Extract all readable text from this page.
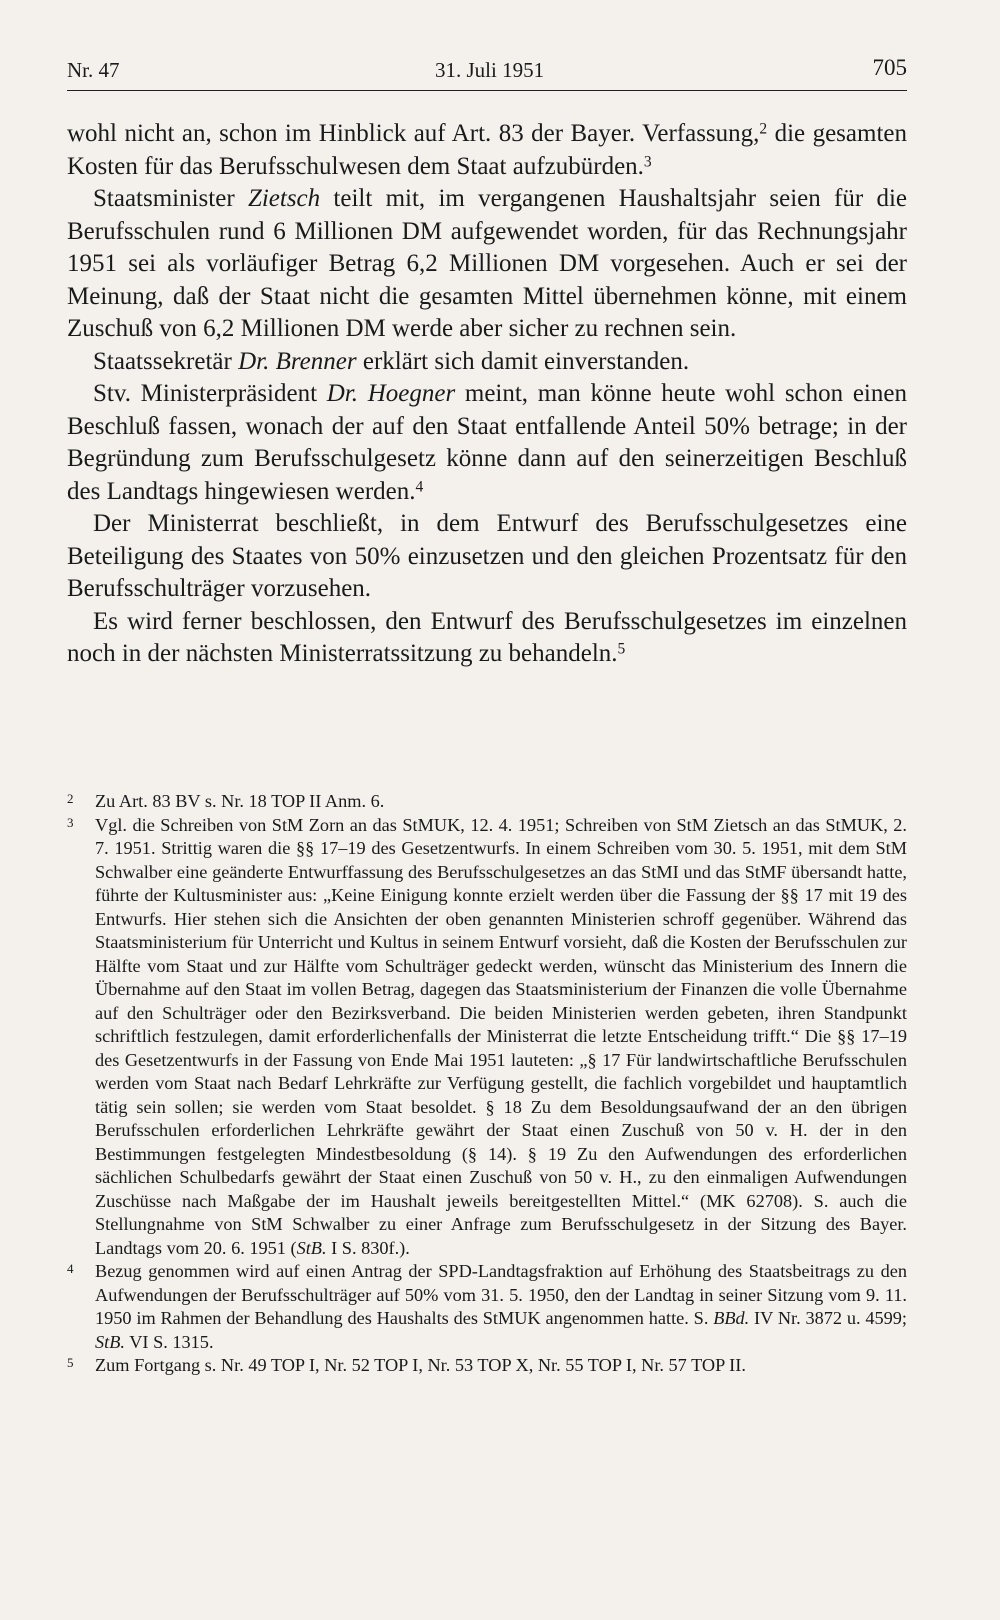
Nr. 47	31. Juli 1951	705

wohl nicht an, schon im Hinblick auf Art. 83 der Bayer. Verfassung,$^2$ die gesamten Kosten für das Berufsschulwesen dem Staat aufzubürden.$^3$

Staatsminister Zietsch teilt mit, im vergangenen Haushaltsjahr seien für die Berufsschulen rund 6 Millionen DM aufgewendet worden, für das Rechnungsjahr 1951 sei als vorläufiger Betrag 6,2 Millionen DM vorgesehen. Auch er sei der Meinung, daß der Staat nicht die gesamten Mittel übernehmen könne, mit einem Zuschuß von 6,2 Millionen DM werde aber sicher zu rechnen sein.

Staatssekretär Dr. Brenner erklärt sich damit einverstanden.

Stv. Ministerpräsident Dr. Hoegner meint, man könne heute wohl schon einen Beschluß fassen, wonach der auf den Staat entfallende Anteil 50% betrage; in der Begründung zum Berufsschulgesetz könne dann auf den seinerzeitigen Beschluß des Landtags hingewiesen werden.$^4$

Der Ministerrat beschließt, in dem Entwurf des Berufsschulgesetzes eine Beteiligung des Staates von 50% einzusetzen und den gleichen Prozentsatz für den Berufsschulträger vorzusehen.

Es wird ferner beschlossen, den Entwurf des Berufsschulgesetzes im einzelnen noch in der nächsten Ministerratssitzung zu behandeln.$^5$

2 Zu Art. 83 BV s. Nr. 18 TOP II Anm. 6.

3 Vgl. die Schreiben von StM Zorn an das StMUK, 12. 4. 1951; Schreiben von StM Zietsch an das StMUK, 2. 7. 1951. Strittig waren die §§ 17–19 des Gesetzentwurfs. In einem Schreiben vom 30. 5. 1951, mit dem StM Schwalber eine geänderte Entwurffassung des Berufsschulgesetzes an das StMI und das StMF übersandt hatte, führte der Kultusminister aus: „Keine Einigung konnte erzielt werden über die Fassung der §§ 17 mit 19 des Entwurfs. Hier stehen sich die Ansichten der oben genannten Ministerien schroff gegenüber. Während das Staatsministerium für Unterricht und Kultus in seinem Entwurf vorsieht, daß die Kosten der Berufsschulen zur Hälfte vom Staat und zur Hälfte vom Schulträger gedeckt werden, wünscht das Ministerium des Innern die Übernahme auf den Staat im vollen Betrag, dagegen das Staatsministerium der Finanzen die volle Übernahme auf den Schulträger oder den Bezirksverband. Die beiden Ministerien werden gebeten, ihren Standpunkt schriftlich festzulegen, damit erforderlichenfalls der Ministerrat die letzte Entscheidung trifft.“ Die §§ 17–19 des Gesetzentwurfs in der Fassung von Ende Mai 1951 lauteten: „§ 17 Für landwirtschaftliche Berufsschulen werden vom Staat nach Bedarf Lehrkräfte zur Verfügung gestellt, die fachlich vorgebildet und hauptamtlich tätig sein sollen; sie werden vom Staat besoldet. § 18 Zu dem Besoldungsaufwand der an den übrigen Berufsschulen erforderlichen Lehrkräfte gewährt der Staat einen Zuschuß von 50 v. H. der in den Bestimmungen festgelegten Mindestbesoldung (§ 14). § 19 Zu den Aufwendungen des erforderlichen sächlichen Schulbedarfs gewährt der Staat einen Zuschuß von 50 v. H., zu den einmaligen Aufwendungen Zuschüsse nach Maßgabe der im Haushalt jeweils bereitgestellten Mittel.“ (MK 62708). S. auch die Stellungnahme von StM Schwalber zu einer Anfrage zum Berufsschulgesetz in der Sitzung des Bayer. Landtags vom 20. 6. 1951 (StB. I S. 830f.).

4 Bezug genommen wird auf einen Antrag der SPD-Landtagsfraktion auf Erhöhung des Staatsbeitrags zu den Aufwendungen der Berufsschulträger auf 50% vom 31. 5. 1950, den der Landtag in seiner Sitzung vom 9. 11. 1950 im Rahmen der Behandlung des Haushalts des StMUK angenommen hatte. S. BBd. IV Nr. 3872 u. 4599; StB. VI S. 1315.

5 Zum Fortgang s. Nr. 49 TOP I, Nr. 52 TOP I, Nr. 53 TOP X, Nr. 55 TOP I, Nr. 57 TOP II.
